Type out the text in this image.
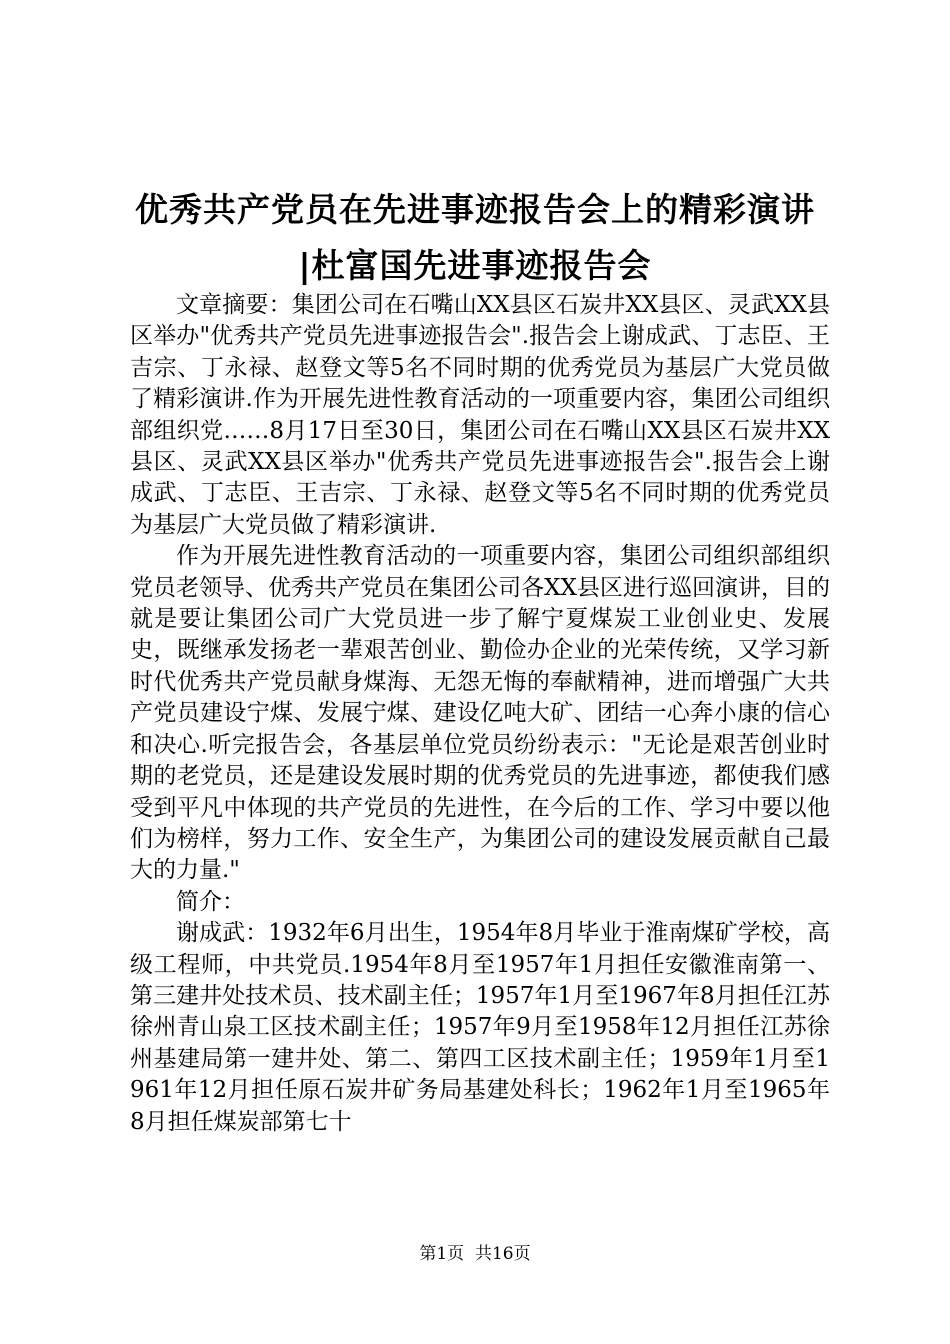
优秀共产党员在先进事迹报告会上的精彩演讲
|杜富国先进事迹报告会

文章摘要：集团公司在石嘴山XX县区石炭井XX县区、灵武XX县区举办"优秀共产党员先进事迹报告会".报告会上谢成武、丁志臣、王吉宗、丁永禄、赵登文等5名不同时期的优秀党员为基层广大党员做了精彩演讲.作为开展先进性教育活动的一项重要内容，集团公司组织部组织党……8月17日至30日，集团公司在石嘴山XX县区石炭井XX县区、灵武XX县区举办"优秀共产党员先进事迹报告会".报告会上谢成武、丁志臣、王吉宗、丁永禄、赵登文等5名不同时期的优秀党员为基层广大党员做了精彩演讲.

作为开展先进性教育活动的一项重要内容，集团公司组织部组织党员老领导、优秀共产党员在集团公司各XX县区进行巡回演讲，目的就是要让集团公司广大党员进一步了解宁夏煤炭工业创业史、发展史，既继承发扬老一辈艰苦创业、勤俭办企业的光荣传统，又学习新时代优秀共产党员献身煤海、无怨无悔的奉献精神，进而增强广大共产党员建设宁煤、发展宁煤、建设亿吨大矿、团结一心奔小康的信心和决心.听完报告会，各基层单位党员纷纷表示："无论是艰苦创业时期的老党员，还是建设发展时期的优秀党员的先进事迹，都使我们感受到平凡中体现的共产党员的先进性，在今后的工作、学习中要以他们为榜样，努力工作、安全生产，为集团公司的建设发展贡献自己最大的力量."

简介：

谢成武：1932年6月出生，1954年8月毕业于淮南煤矿学校，高级工程师，中共党员.1954年8月至1957年1月担任安徽淮南第一、第三建井处技术员、技术副主任；1957年1月至1967年8月担任江苏徐州青山泉工区技术副主任；1957年9月至1958年12月担任江苏徐州基建局第一建井处、第二、第四工区技术副主任；1959年1月至1961年12月担任原石炭井矿务局基建处科长；1962年1月至1965年8月担任煤炭部第七十

第1页  共16页
